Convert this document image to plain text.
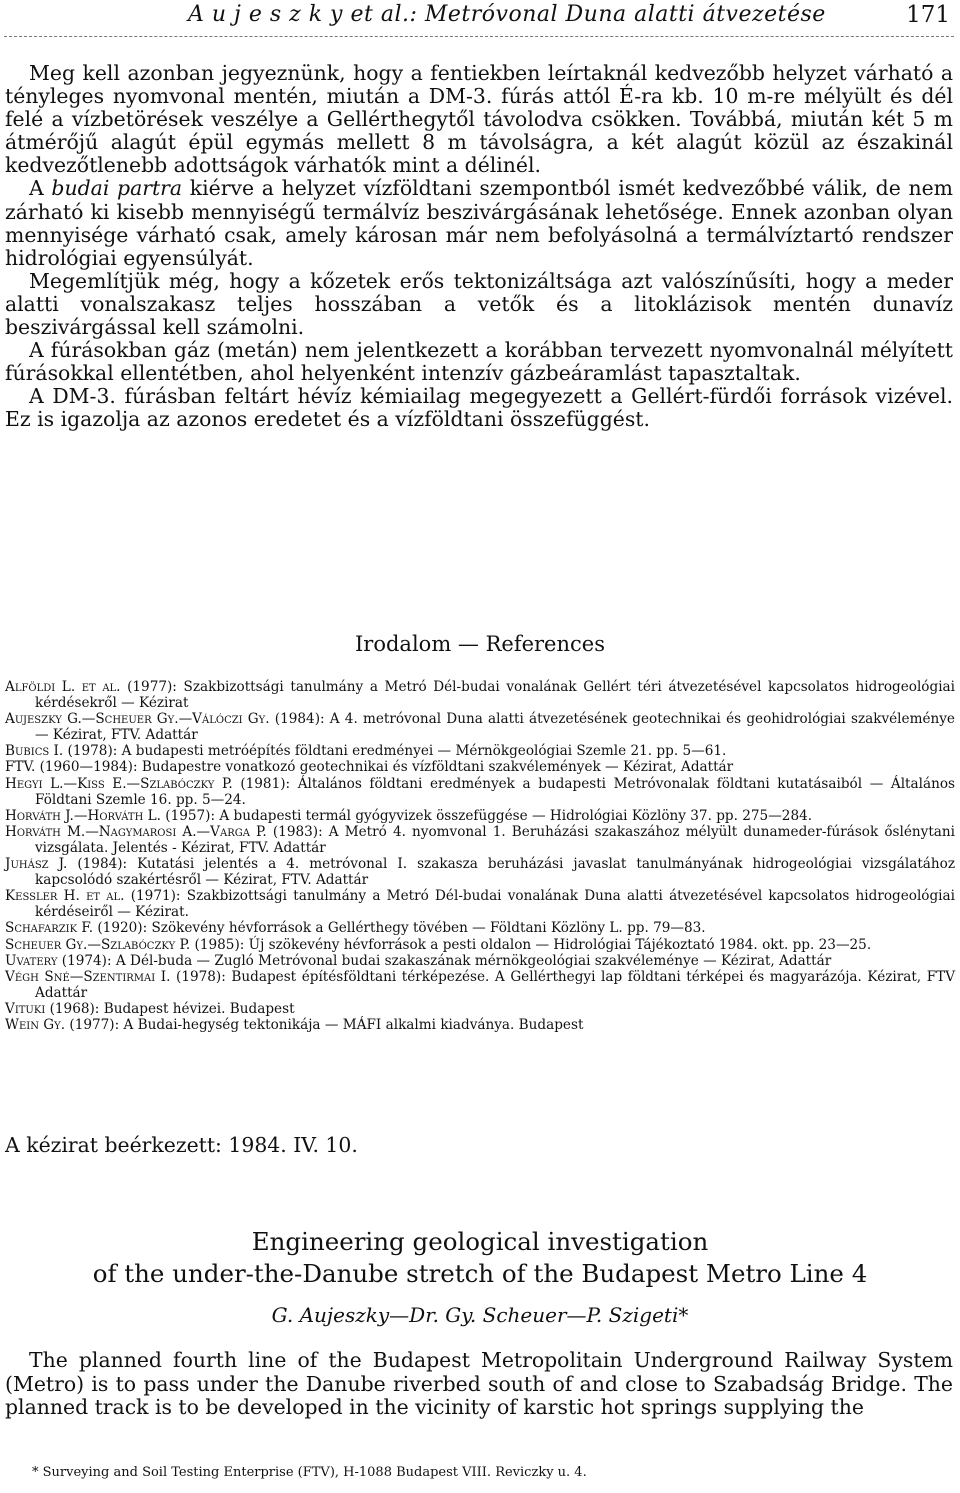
A u j e s z k y et al.: Metróvonal Duna alatti átvezetése	171

Meg kell azonban jegyeznünk, hogy a fentiekben leírtaknál kedvezőbb helyzet várható a tényleges nyomvonal mentén, miután a DM-3. fúrás attól É-ra kb. 10 m-re mélyült és dél felé a vízbetörések veszélye a Gellérthegytől távolodva csökken. Továbbá, miután két 5 m átmérőjű alagút épül egymás mellett 8 m távolságra, a két alagút közül az északinál kedvezőtlenebb adottságok várhatók mint a délinél.

A budai partra kiérve a helyzet vízföldtani szempontból ismét kedvezőbbé válik, de nem zárható ki kisebb mennyiségű termálvíz beszivárgásának lehetősége. Ennek azonban olyan mennyisége várható csak, amely károsan már nem befolyásolná a termálvíztartó rendszer hidrológiai egyensúlyát.

Megemlítjük még, hogy a kőzetek erős tektonizáltsága azt valószínűsíti, hogy a meder alatti vonalszakasz teljes hosszában a vetők és a litoklázisok mentén dunavíz beszivárgással kell számolni.

A fúrásokban gáz (metán) nem jelentkezett a korábban tervezett nyomvonalnál mélyített fúrásokkal ellentétben, ahol helyenként intenzív gázbeáramlást tapasztaltak.

A DM-3. fúrásban feltárt hévíz kémiailag megegyezett a Gellért-fürdői források vizével. Ez is igazolja az azonos eredetet és a vízföldtani összefüggést.

Irodalom — References

Alföldi L. et al. (1977): Szakbizottsági tanulmány a Metró Dél-budai vonalának Gellért téri átvezetésével kapcsolatos hidrogeológiai kérdésekről — Kézirat

Aujeszky G.—Scheuer Gy.—Válóczi Gy. (1984): A 4. metróvonal Duna alatti átvezetésének geotechnikai és geohidrológiai szakvéleménye — Kézirat, FTV. Adattár

Bubics I. (1978): A budapesti metróépítés földtani eredményei — Mérnökgeológiai Szemle 21. pp. 5—61.

FTV. (1960—1984): Budapestre vonatkozó geotechnikai és vízföldtani szakvélemények — Kézirat, Adattár

Hegyi L.—Kiss E.—Szlabóczky P. (1981): Általános földtani eredmények a budapesti Metróvonalak földtani kutatásaiból — Általános Földtani Szemle 16. pp. 5—24.

Horváth J.—Horváth L. (1957): A budapesti termál gyógyvizek összefüggése — Hidrológiai Közlöny 37. pp. 275—284.

Horváth M.—Nagymarosi A.—Varga P. (1983): A Metró 4. nyomvonal 1. Beruházási szakaszához mélyült dunameder-fúrások őslénytani vizsgálata. Jelentés - Kézirat, FTV. Adattár

Juhász J. (1984): Kutatási jelentés a 4. metróvonal I. szakasza beruházási javaslat tanulmányának hidrogeológiai vizsgálatához kapcsolódó szakértésről — Kézirat, FTV. Adattár

Kessler H. et al. (1971): Szakbizottsági tanulmány a Metró Dél-budai vonalának Duna alatti átvezetésével kapcsolatos hidrogeológiai kérdéseiről — Kézirat.

Schafarzik F. (1920): Szökevény hévforrások a Gellérthegy tövében — Földtani Közlöny L. pp. 79—83.

Scheuer Gy.—Szlabóczky P. (1985): Új szökevény hévforrások a pesti oldalon — Hidrológiai Tájékoztató 1984. okt. pp. 23—25.

Uvatery (1974): A Dél-buda — Zugló Metróvonal budai szakaszának mérnökgeológiai szakvéleménye — Kézirat, Adattár

Végh Sné—Szentirmai I. (1978): Budapest építésföldtani térképezése. A Gellérthegyi lap földtani térképei és magyarázója. Kézirat, FTV Adattár

Vituki (1968): Budapest hévizei. Budapest

Wein Gy. (1977): A Budai-hegység tektonikája — MÁFI alkalmi kiadványa. Budapest

A kézirat beérkezett: 1984. IV. 10.
Engineering geological investigation
of the under-the-Danube stretch of the Budapest Metro Line 4
G. Aujeszky—Dr. Gy. Scheuer—P. Szigeti*

The planned fourth line of the Budapest Metropolitain Underground Railway System (Metro) is to pass under the Danube riverbed south of and close to Szabadság Bridge. The planned track is to be developed in the vicinity of karstic hot springs supplying the

* Surveying and Soil Testing Enterprise (FTV), H-1088 Budapest VIII. Reviczky u. 4.
